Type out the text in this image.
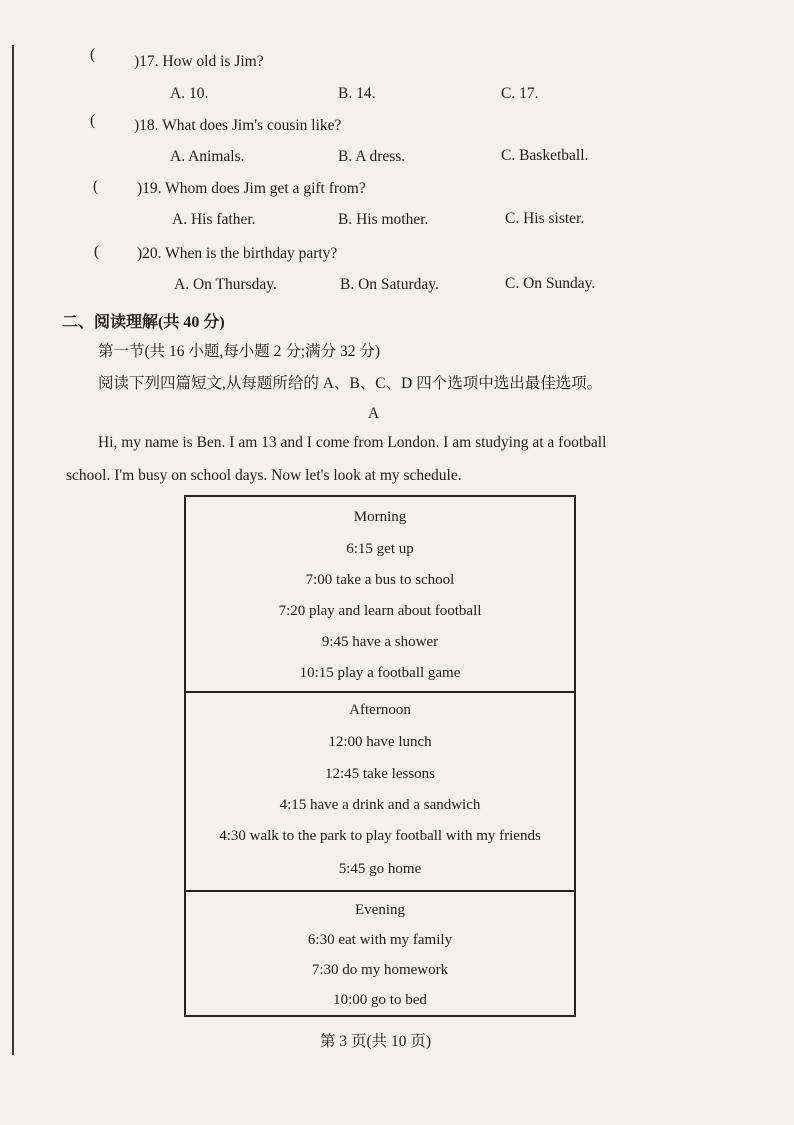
(	)17. How old is Jim?
A. 10.	B. 14.	C. 17.
(	)18. What does Jim's cousin like?
A. Animals.	B. A dress.	C. Basketball.
(	)19. Whom does Jim get a gift from?
A. His father.	B. His mother.	C. His sister.
( )20. When is the birthday party?
A. On Thursday.	B. On Saturday.	C. On Sunday.
二、阅读理解(共 40 分)
第一节(共 16 小题,每小题 2 分;满分 32 分)
阅读下列四篇短文,从每题所给的 A、B、C、D 四个选项中选出最佳选项。
A
Hi, my name is Ben. I am 13 and I come from London. I am studying at a football
school. I'm busy on school days. Now let's look at my schedule.
Morning
6:15 get up
7:00 take a bus to school
7:20 play and learn about football
9:45 have a shower
10:15 play a football game
Afternoon
12:00 have lunch
12:45 take lessons
4:15 have a drink and a sandwich
4:30 walk to the park to play football with my friends
5:45 go home
Evening
6:30 eat with my family
7:30 do my homework
10:00 go to bed
第 3 页(共 10 页)
